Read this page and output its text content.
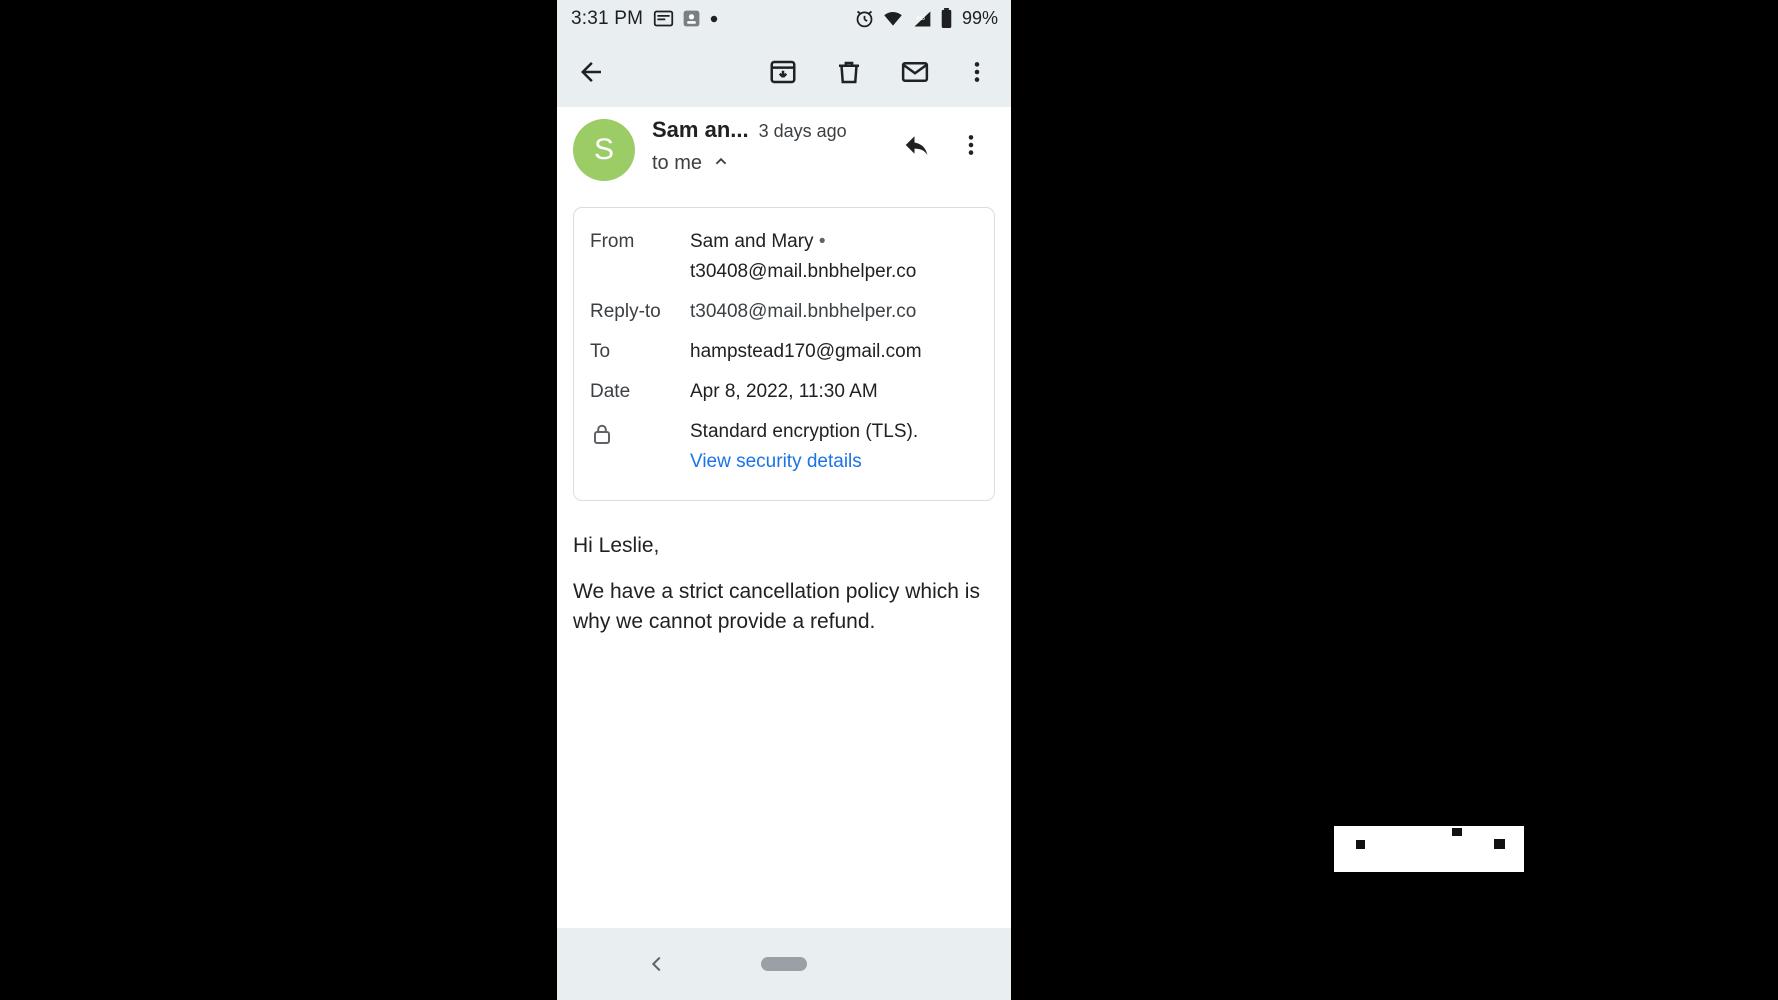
3:31 PM	4G 99%
S
Sam an... 3 days ago
to me
From	Sam and Mary • t30408@mail.bnbhelper.co
Reply-to	t30408@mail.bnbhelper.co
To	hampstead170@gmail.com
Date	Apr 8, 2022, 11:30 AM
Standard encryption (TLS).
View security details

Hi Leslie,

We have a strict cancellation policy which is why we cannot provide a refund.
